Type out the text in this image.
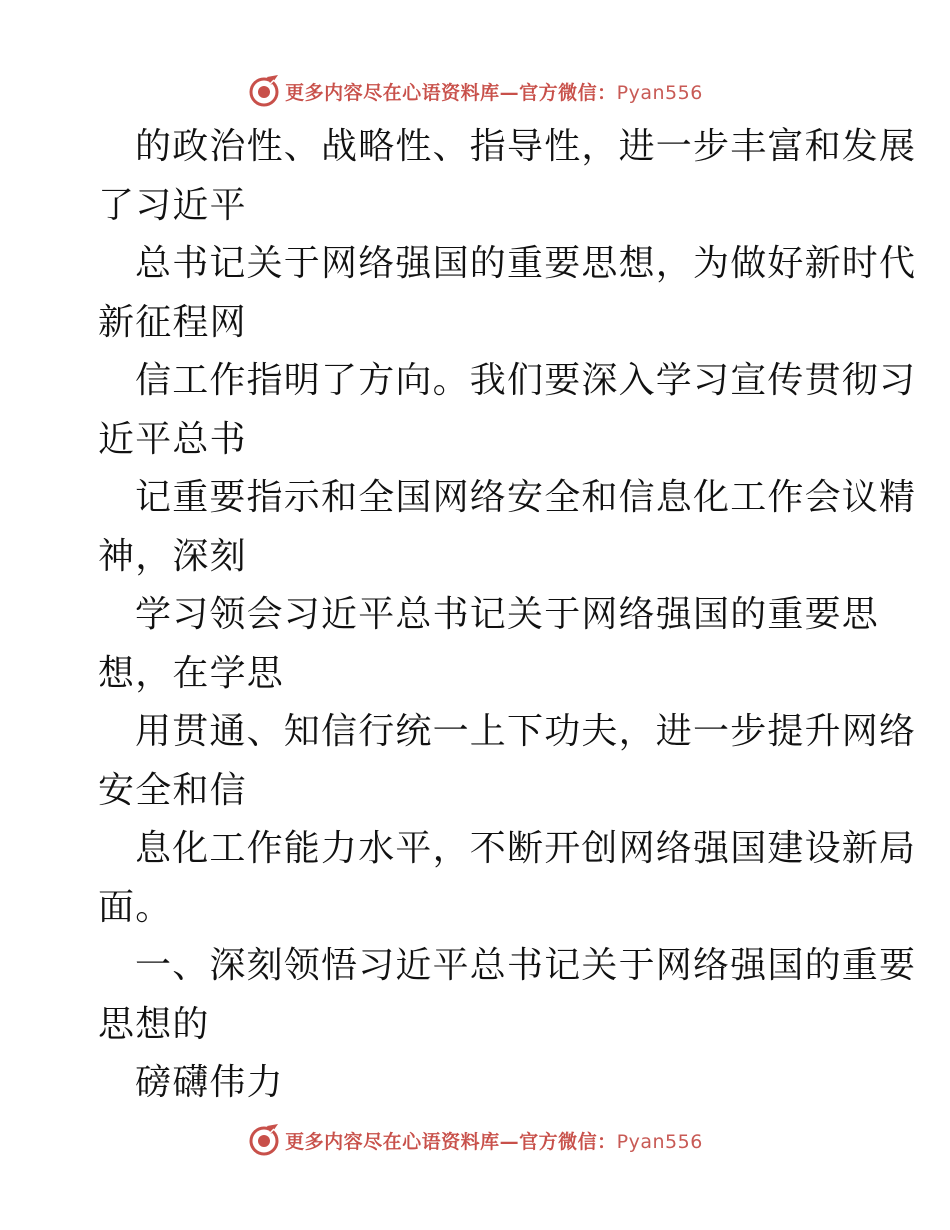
更多内容尽在心语资料库—官方微信：Pyan556
的政治性、战略性、指导性，进一步丰富和发展
了习近平
总书记关于网络强国的重要思想，为做好新时代
新征程网
信工作指明了方向。我们要深入学习宣传贯彻习
近平总书
记重要指示和全国网络安全和信息化工作会议精
神，深刻
学习领会习近平总书记关于网络强国的重要思
想，在学思
用贯通、知信行统一上下功夫，进一步提升网络
安全和信
息化工作能力水平，不断开创网络强国建设新局
面。
一、深刻领悟习近平总书记关于网络强国的重要
思想的
磅礴伟力
更多内容尽在心语资料库—官方微信：Pyan556
